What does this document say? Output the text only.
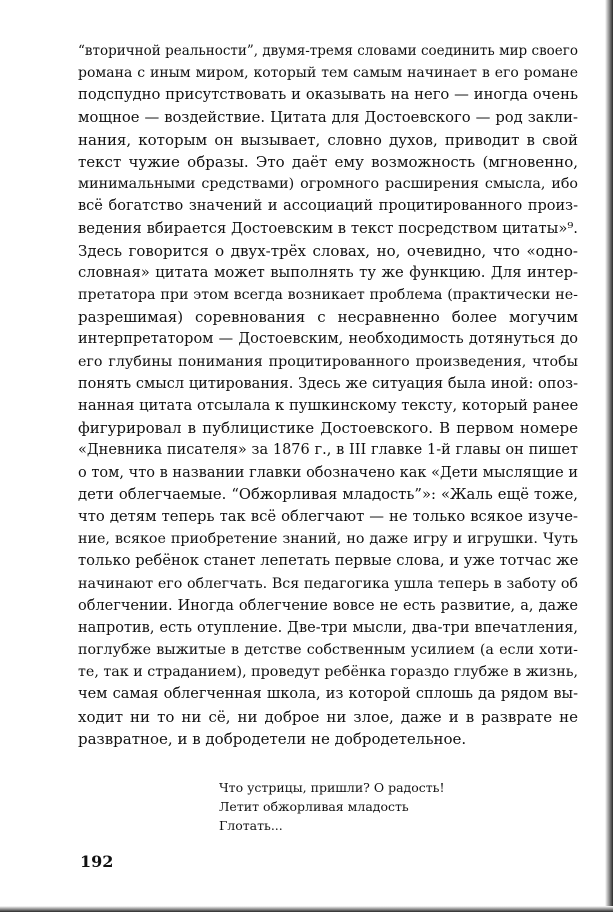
“вторичной реальности”, двумя-тремя словами соединить мир своего
романа с иным миром, который тем самым начинает в его романе
подспудно присутствовать и оказывать на него — иногда очень
мощное — воздействие. Цитата для Достоевского — род закли-
нания, которым он вызывает, словно духов, приводит в свой
текст чужие образы. Это даёт ему возможность (мгновенно,
минимальными средствами) огромного расширения смысла, ибо
всё богатство значений и ассоциаций процитированного произ-
ведения вбирается Достоевским в текст посредством цитаты»⁹.
Здесь говорится о двух-трёх словах, но, очевидно, что «одно-
словная» цитата может выполнять ту же функцию. Для интер-
претатора при этом всегда возникает проблема (практически не-
разрешимая) соревнования с несравненно более могучим
интерпретатором — Достоевским, необходимость дотянуться до
его глубины понимания процитированного произведения, чтобы
понять смысл цитирования. Здесь же ситуация была иной: опоз-
нанная цитата отсылала к пушкинскому тексту, который ранее
фигурировал в публицистике Достоевского. В первом номере
«Дневника писателя» за 1876 г., в III главке 1-й главы он пишет
о том, что в названии главки обозначено как «Дети мыслящие и
дети облегчаемые. “Обжорливая младость”»: «Жаль ещё тоже,
что детям теперь так всё облегчают — не только всякое изуче-
ние, всякое приобретение знаний, но даже игру и игрушки. Чуть
только ребёнок станет лепетать первые слова, и уже тотчас же
начинают его облегчать. Вся педагогика ушла теперь в заботу об
облегчении. Иногда облегчение вовсе не есть развитие, а, даже
напротив, есть отупление. Две-три мысли, два-три впечатления,
поглубже выжитые в детстве собственным усилием (а если хоти-
те, так и страданием), проведут ребёнка гораздо глубже в жизнь,
чем самая облегченная школа, из которой сплошь да рядом вы-
ходит ни то ни сё, ни доброе ни злое, даже и в разврате не
развратное, и в добродетели не добродетельное.
Что устрицы, пришли? О радость!
Летит обжорливая младость
Глотать...
192
